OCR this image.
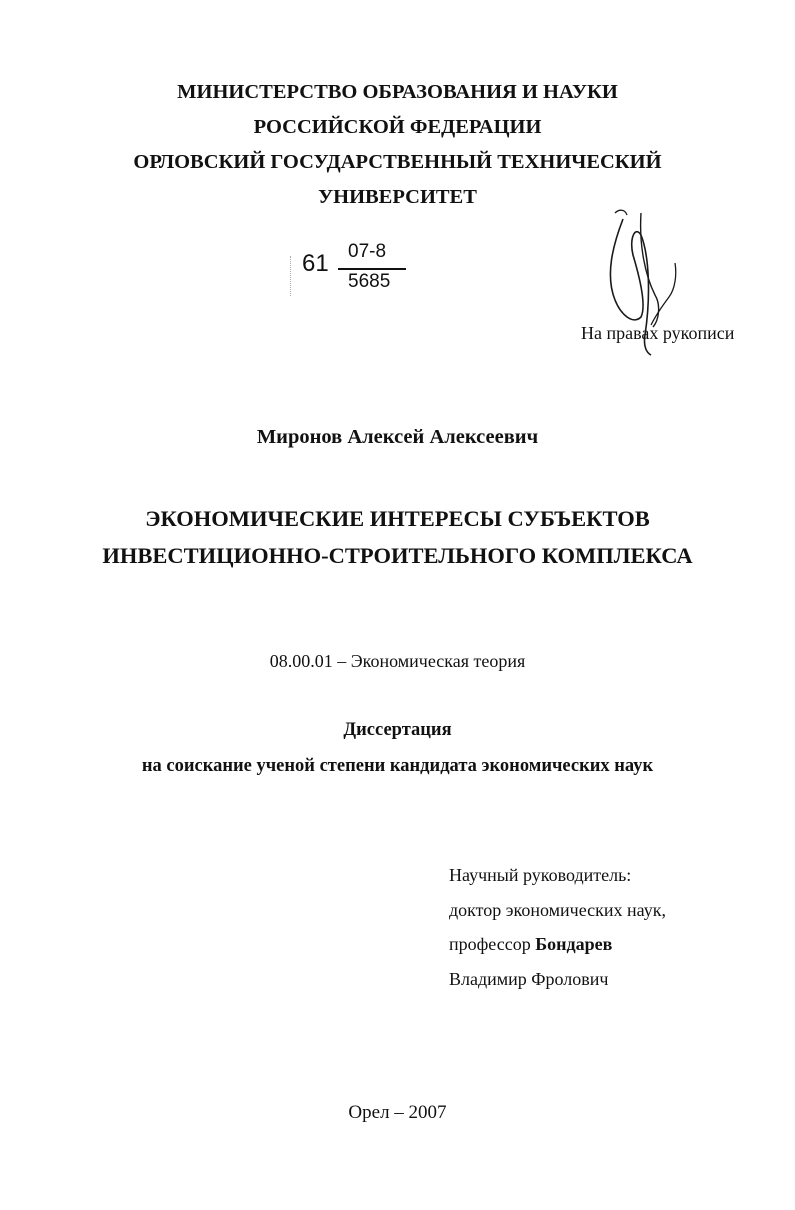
МИНИСТЕРСТВО ОБРАЗОВАНИЯ И НАУКИ
РОССИЙСКОЙ ФЕДЕРАЦИИ
ОРЛОВСКИЙ ГОСУДАРСТВЕННЫЙ ТЕХНИЧЕСКИЙ
УНИВЕРСИТЕТ
61 07-8
5685
На правах рукописи
Миронов Алексей Алексеевич
ЭКОНОМИЧЕСКИЕ ИНТЕРЕСЫ СУБЪЕКТОВ
ИНВЕСТИЦИОННО-СТРОИТЕЛЬНОГО КОМПЛЕКСА
08.00.01 – Экономическая теория
Диссертация
на соискание ученой степени кандидата экономических наук
Научный руководитель:
доктор экономических наук,
профессор Бондарев
Владимир Фролович
Орел – 2007
